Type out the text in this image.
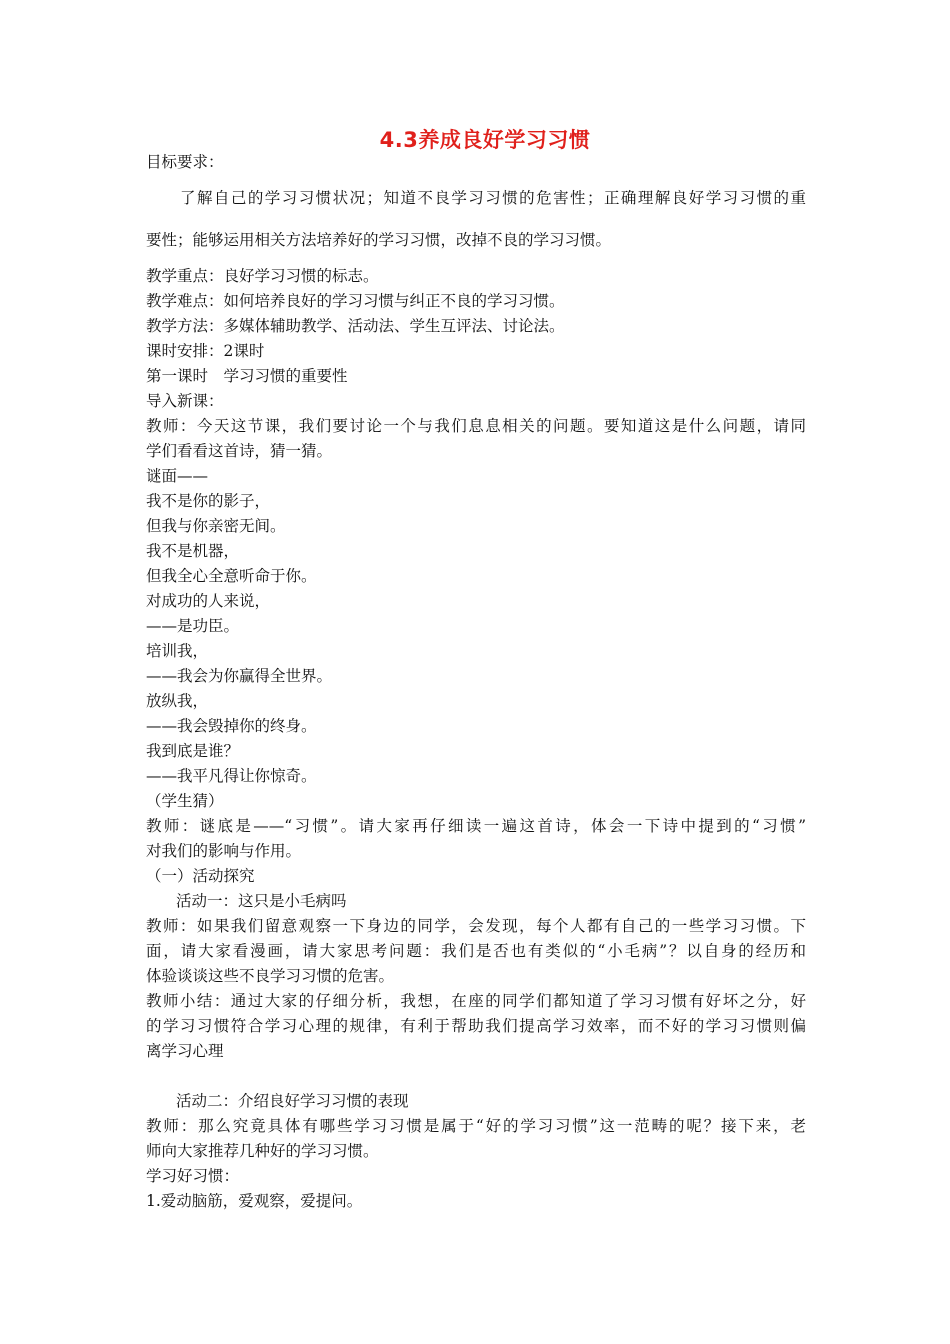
4.3养成良好学习习惯
目标要求：
了解自己的学习习惯状况；知道不良学习习惯的危害性；正确理解良好学习习惯的重
要性；能够运用相关方法培养好的学习习惯，改掉不良的学习习惯。
教学重点：良好学习习惯的标志。
教学难点：如何培养良好的学习习惯与纠正不良的学习习惯。
教学方法：多媒体辅助教学、活动法、学生互评法、讨论法。
课时安排：2课时
第一课时　学习习惯的重要性
导入新课：
教师：今天这节课，我们要讨论一个与我们息息相关的问题。要知道这是什么问题，请同
学们看看这首诗，猜一猜。
谜面——
我不是你的影子，
但我与你亲密无间。
我不是机器，
但我全心全意听命于你。
对成功的人来说，
——是功臣。
培训我，
——我会为你赢得全世界。
放纵我，
——我会毁掉你的终身。
我到底是谁？
——我平凡得让你惊奇。
（学生猜）
教师：谜底是——“习惯”。请大家再仔细读一遍这首诗，体会一下诗中提到的“习惯”
对我们的影响与作用。
（一）活动探究
活动一：这只是小毛病吗
教师：如果我们留意观察一下身边的同学，会发现，每个人都有自己的一些学习习惯。下
面，请大家看漫画，请大家思考问题：我们是否也有类似的“小毛病”？以自身的经历和
体验谈谈这些不良学习习惯的危害。
教师小结：通过大家的仔细分析，我想，在座的同学们都知道了学习习惯有好坏之分，好
的学习习惯符合学习心理的规律，有利于帮助我们提高学习效率，而不好的学习习惯则偏
离学习心理
活动二：介绍良好学习习惯的表现
教师：那么究竟具体有哪些学习习惯是属于“好的学习习惯”这一范畴的呢？接下来，老
师向大家推荐几种好的学习习惯。
学习好习惯：
1.爱动脑筋，爱观察，爱提问。
